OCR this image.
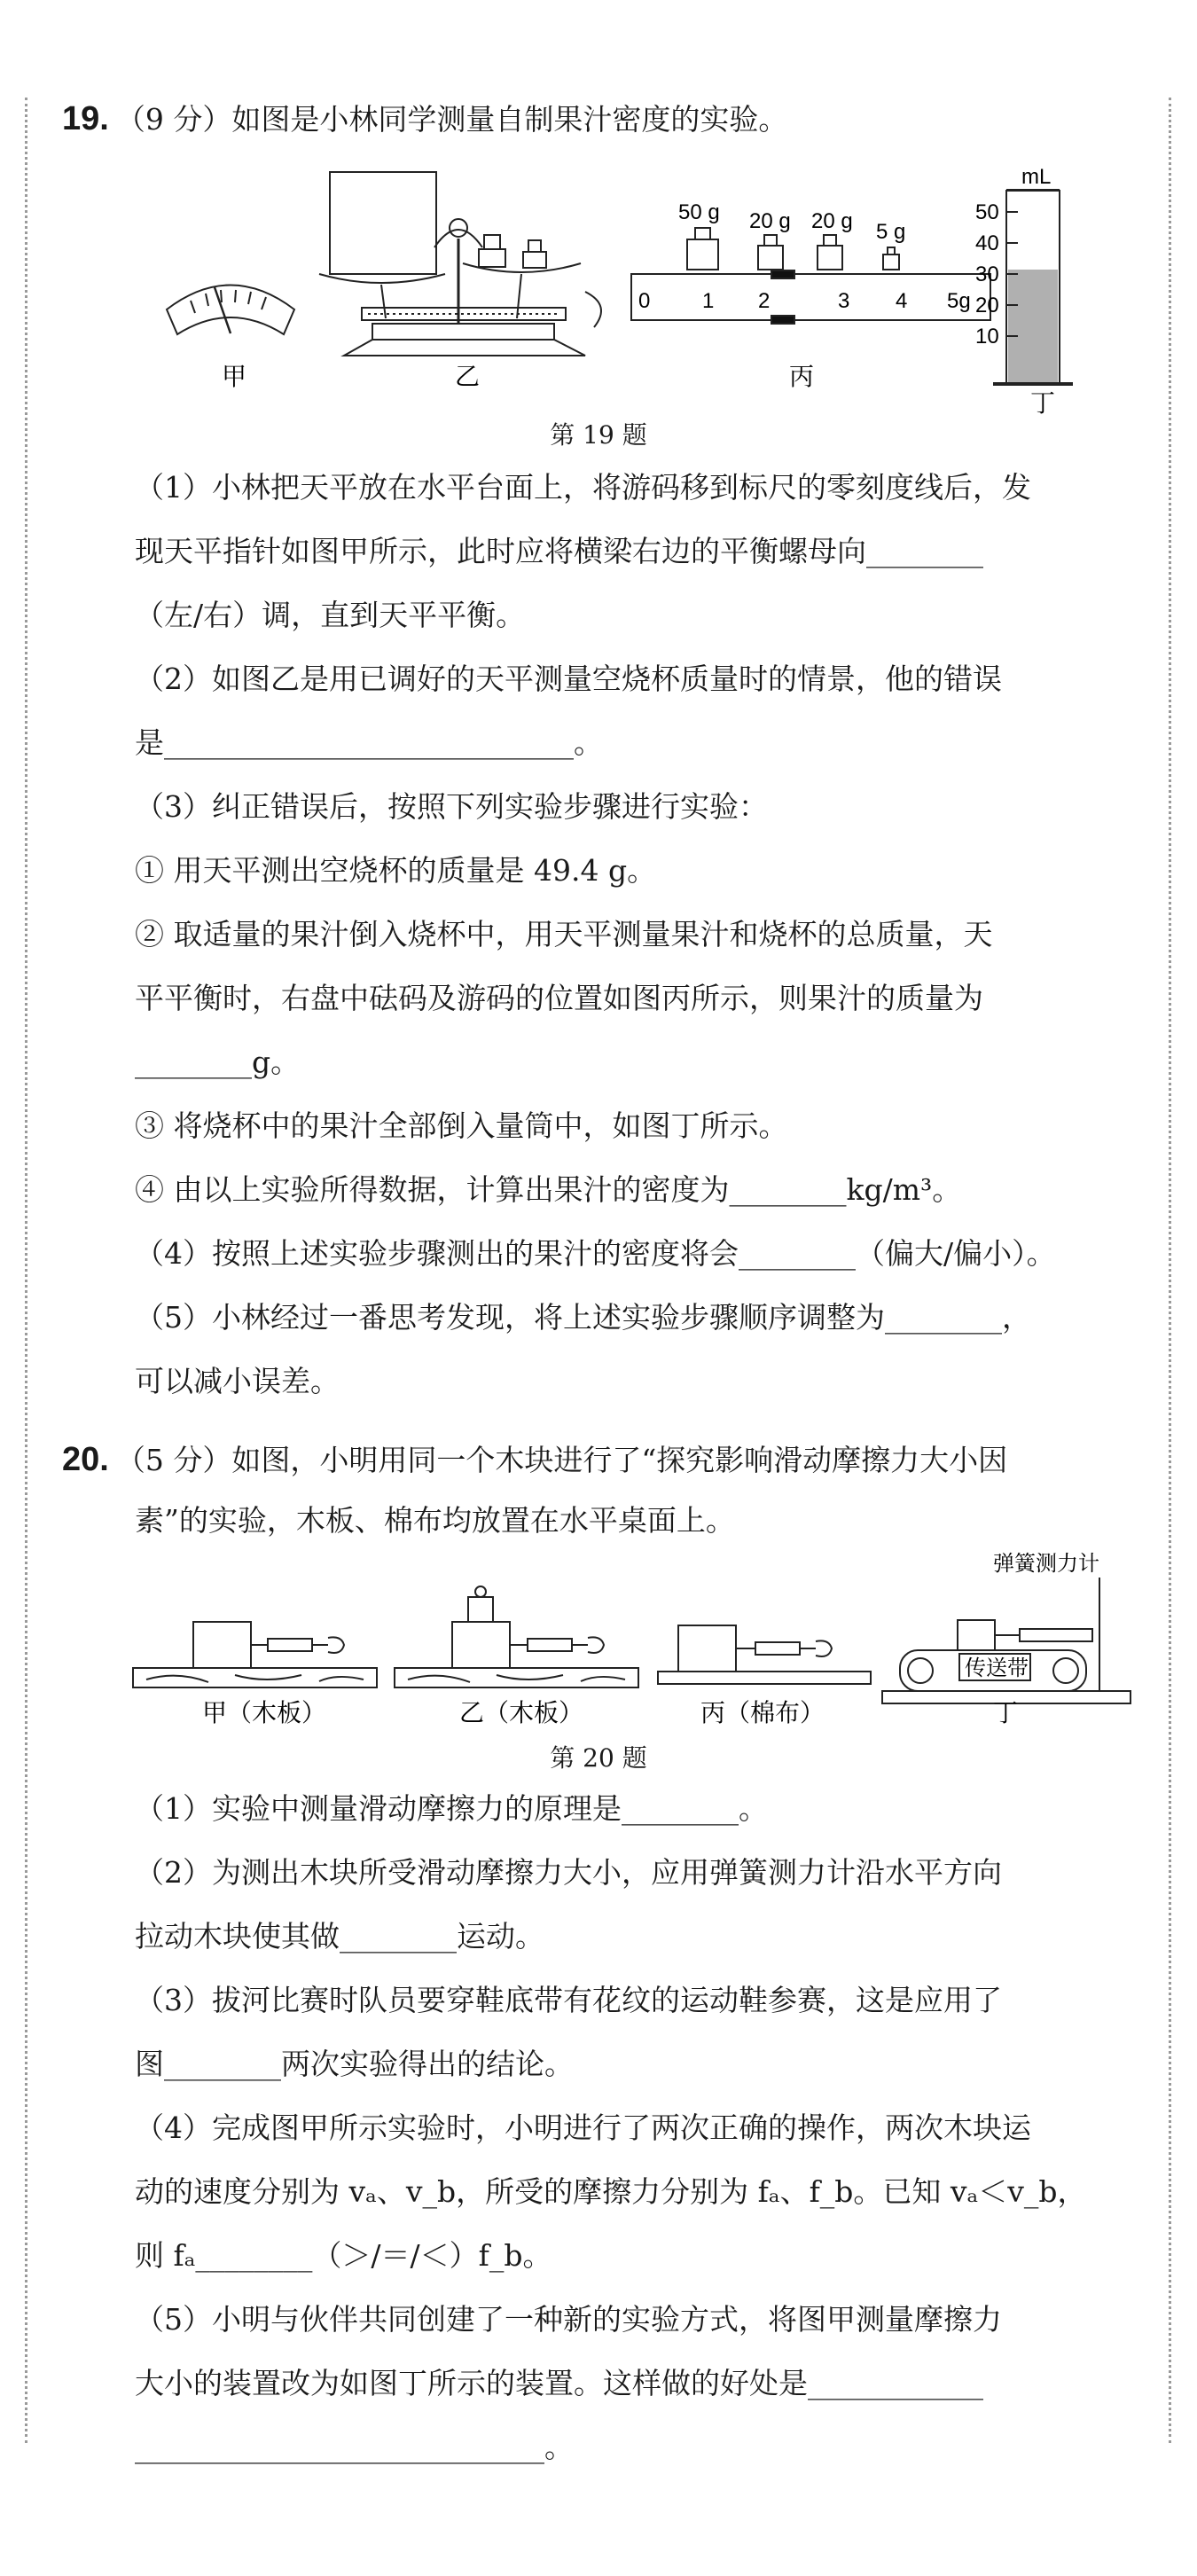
19. （9 分）如图是小林同学测量自制果汁密度的实验。
mL
50
40
30
20
10
50 g 20 g 20 g 5 g
0 1 2	3 4 5g
甲	乙	丙
丁
第 19 题
（1）小林把天平放在水平台面上，将游码移到标尺的零刻度线后，发
现天平指针如图甲所示，此时应将横梁右边的平衡螺母向________
（左/右）调，直到天平平衡。
（2）如图乙是用已调好的天平测量空烧杯质量时的情景，他的错误
是____________________________。
（3）纠正错误后，按照下列实验步骤进行实验：
① 用天平测出空烧杯的质量是 49.4 g。
② 取适量的果汁倒入烧杯中，用天平测量果汁和烧杯的总质量，天
平平衡时，右盘中砝码及游码的位置如图丙所示，则果汁的质量为
________g。
③ 将烧杯中的果汁全部倒入量筒中，如图丁所示。
④ 由以上实验所得数据，计算出果汁的密度为________kg/m³。
（4）按照上述实验步骤测出的果汁的密度将会________（偏大/偏小）。
（5）小林经过一番思考发现，将上述实验步骤顺序调整为________，
可以减小误差。
20. （5 分）如图，小明用同一个木块进行了“探究影响滑动摩擦力大小因
素”的实验，木板、棉布均放置在水平桌面上。
传送带
弹簧测力计
甲（木板）	乙（木板）	丙（棉布）	丁
第 20 题
（1）实验中测量滑动摩擦力的原理是________。
（2）为测出木块所受滑动摩擦力大小，应用弹簧测力计沿水平方向
拉动木块使其做________运动。
（3）拔河比赛时队员要穿鞋底带有花纹的运动鞋参赛，这是应用了
图________两次实验得出的结论。
（4）完成图甲所示实验时，小明进行了两次正确的操作，两次木块运
动的速度分别为 vₐ、v_b，所受的摩擦力分别为 fₐ、f_b。已知 vₐ＜v_b，
则 fₐ________（＞/＝/＜）f_b。
（5）小明与伙伴共同创建了一种新的实验方式，将图甲测量摩擦力
大小的装置改为如图丁所示的装置。这样做的好处是____________
____________________________。
